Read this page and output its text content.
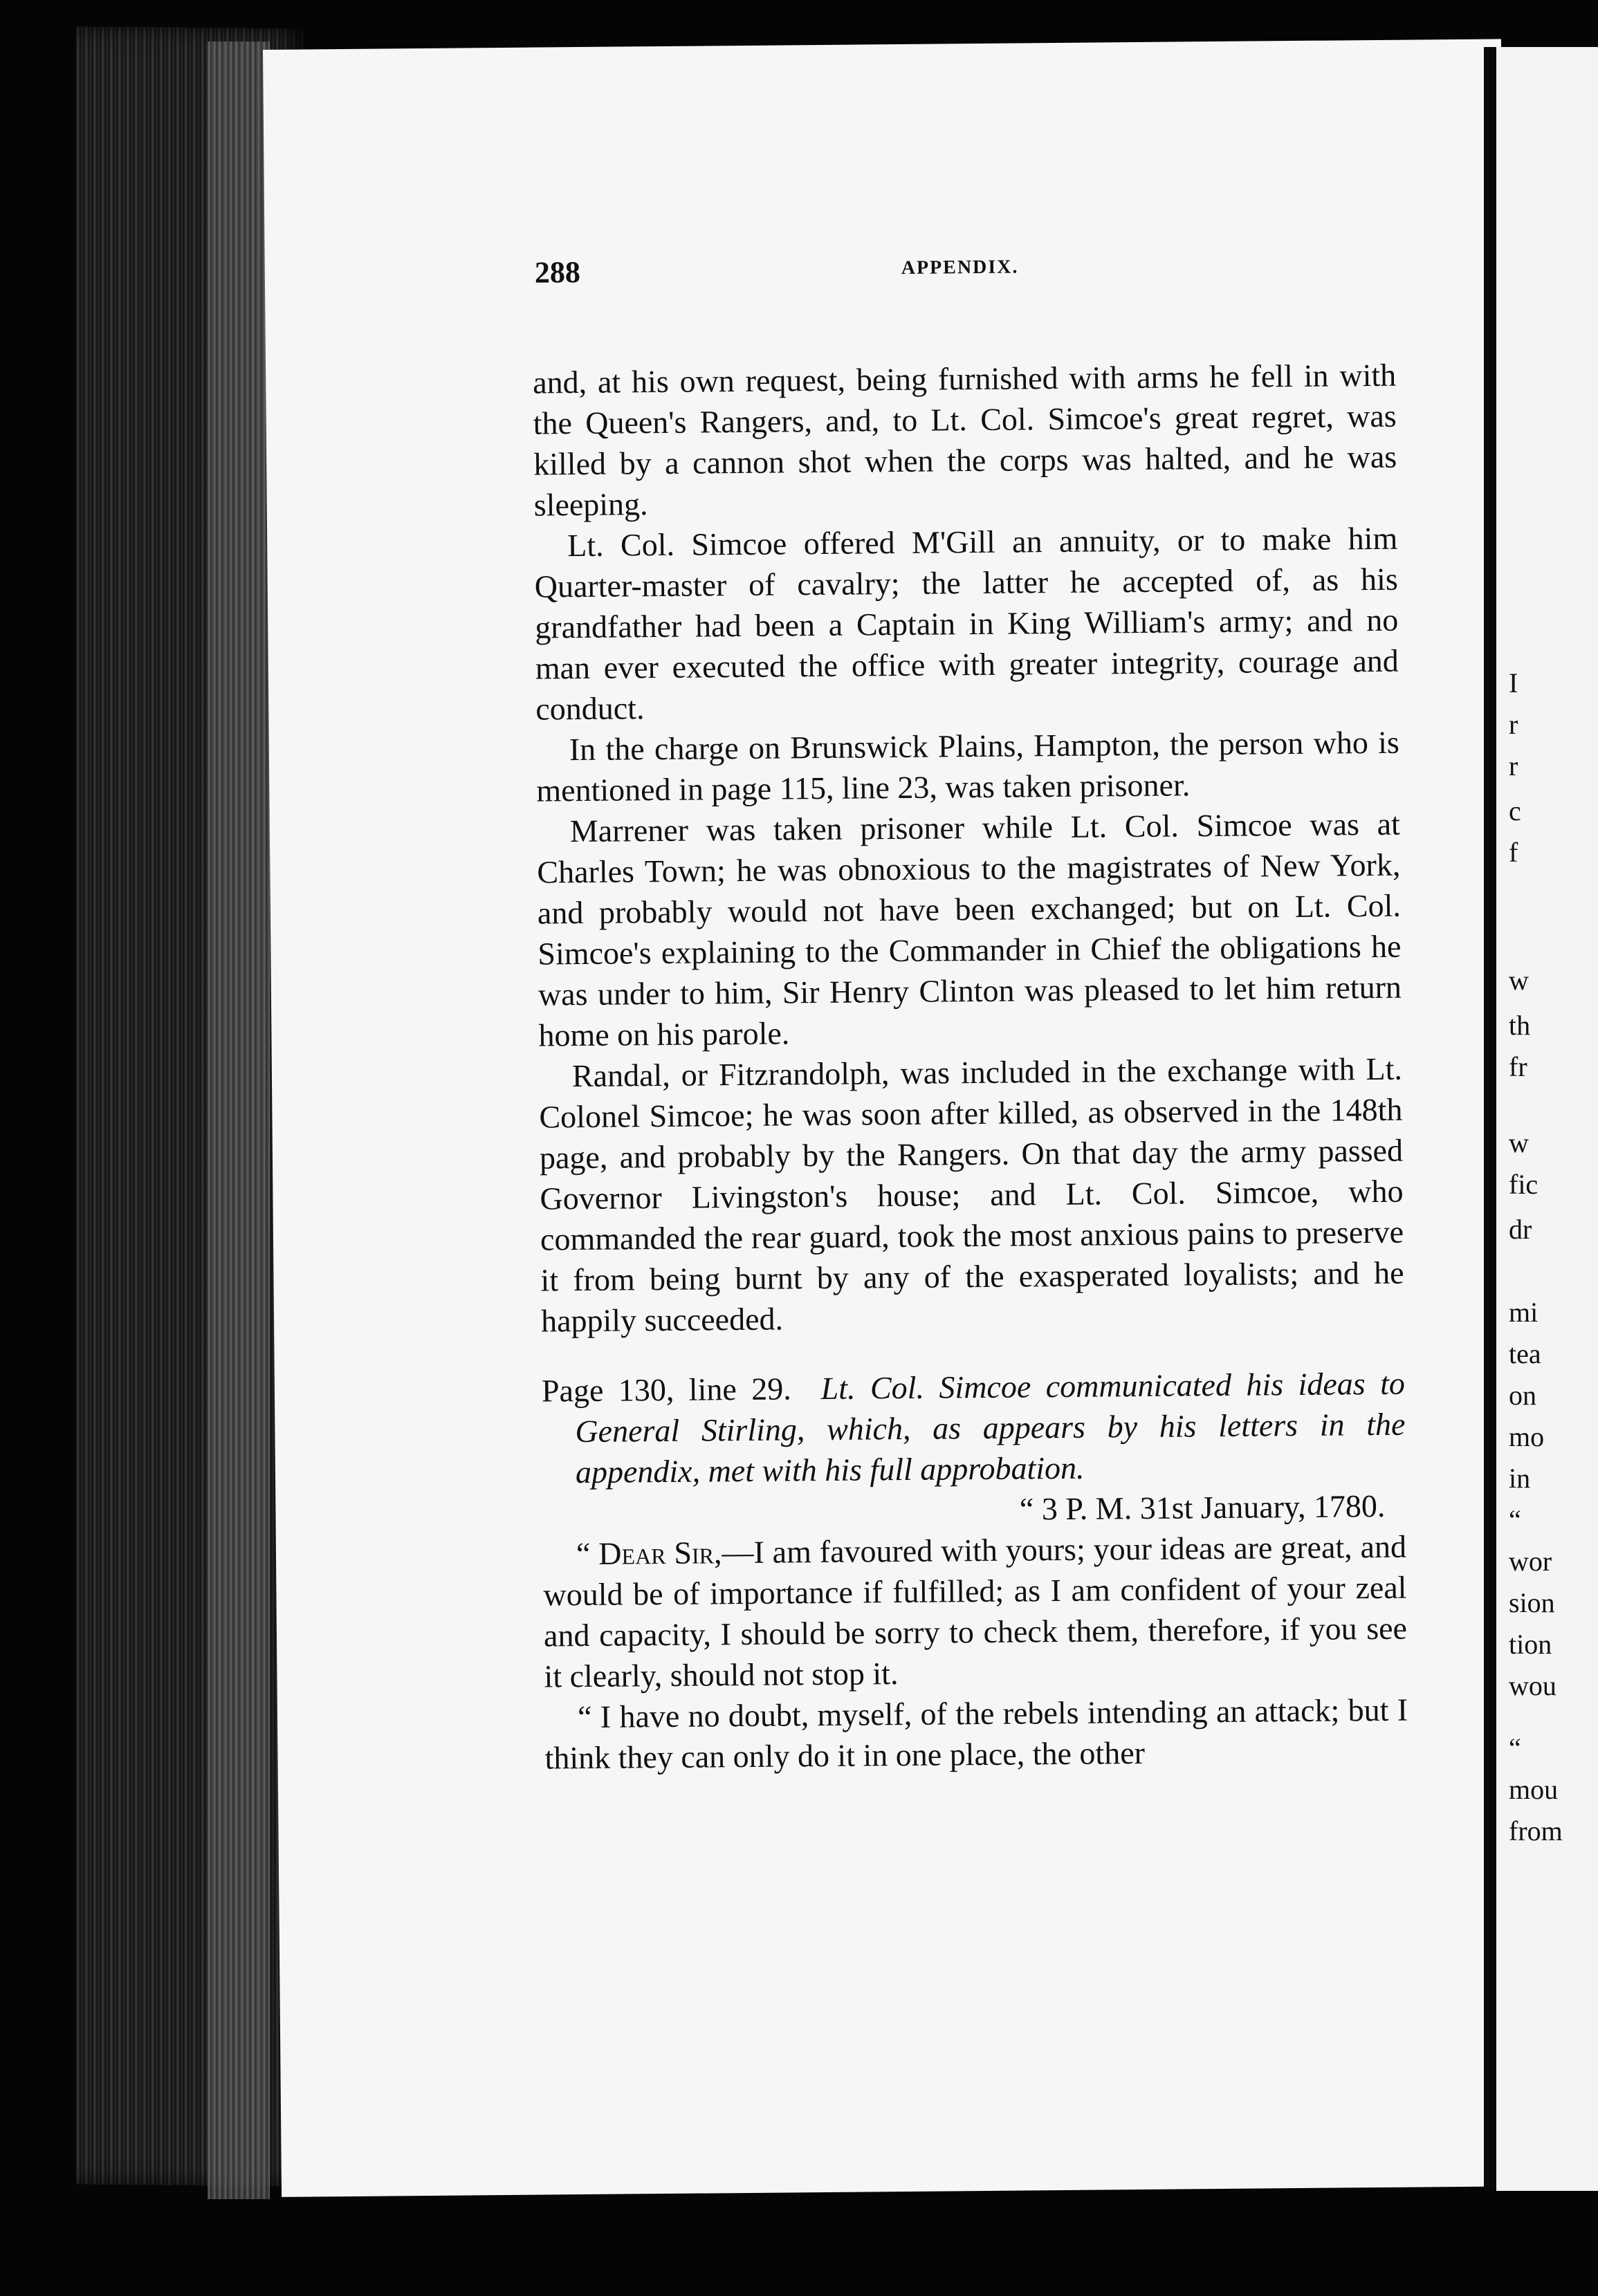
288	APPENDIX.

and, at his own request, being furnished with arms he fell in with the Queen's Rangers, and, to Lt. Col. Simcoe's great regret, was killed by a cannon shot when the corps was halted, and he was sleeping.

Lt. Col. Simcoe offered M'Gill an annuity, or to make him Quarter-master of cavalry; the latter he accepted of, as his grandfather had been a Captain in King William's army; and no man ever executed the office with greater integrity, courage and conduct.

In the charge on Brunswick Plains, Hampton, the person who is mentioned in page 115, line 23, was taken prisoner.

Marrener was taken prisoner while Lt. Col. Simcoe was at Charles Town; he was obnoxious to the magistrates of New York, and probably would not have been exchanged; but on Lt. Col. Simcoe's explaining to the Commander in Chief the obligations he was under to him, Sir Henry Clinton was pleased to let him return home on his parole.

Randal, or Fitzrandolph, was included in the exchange with Lt. Colonel Simcoe; he was soon after killed, as observed in the 148th page, and probably by the Rangers. On that day the army passed Governor Livingston's house; and Lt. Col. Simcoe, who commanded the rear guard, took the most anxious pains to preserve it from being burnt by any of the exasperated loyalists; and he happily succeeded.

Page 130, line 29. Lt. Col. Simcoe communicated his ideas to General Stirling, which, as appears by his letters in the appendix, met with his full approbation.

“ 3 P. M. 31st January, 1780.

“ Dear Sir,—I am favoured with yours; your ideas are great, and would be of importance if fulfilled; as I am confident of your zeal and capacity, I should be sorry to check them, therefore, if you see it clearly, should not stop it.

“ I have no doubt, myself, of the rebels intending an attack; but I think they can only do it in one place, the other

I
r
r
c
f
w
th
fr
w
fic
dr
mi
tea
on
mo
in
“
wor
sion
tion
wou
“
mou
from
